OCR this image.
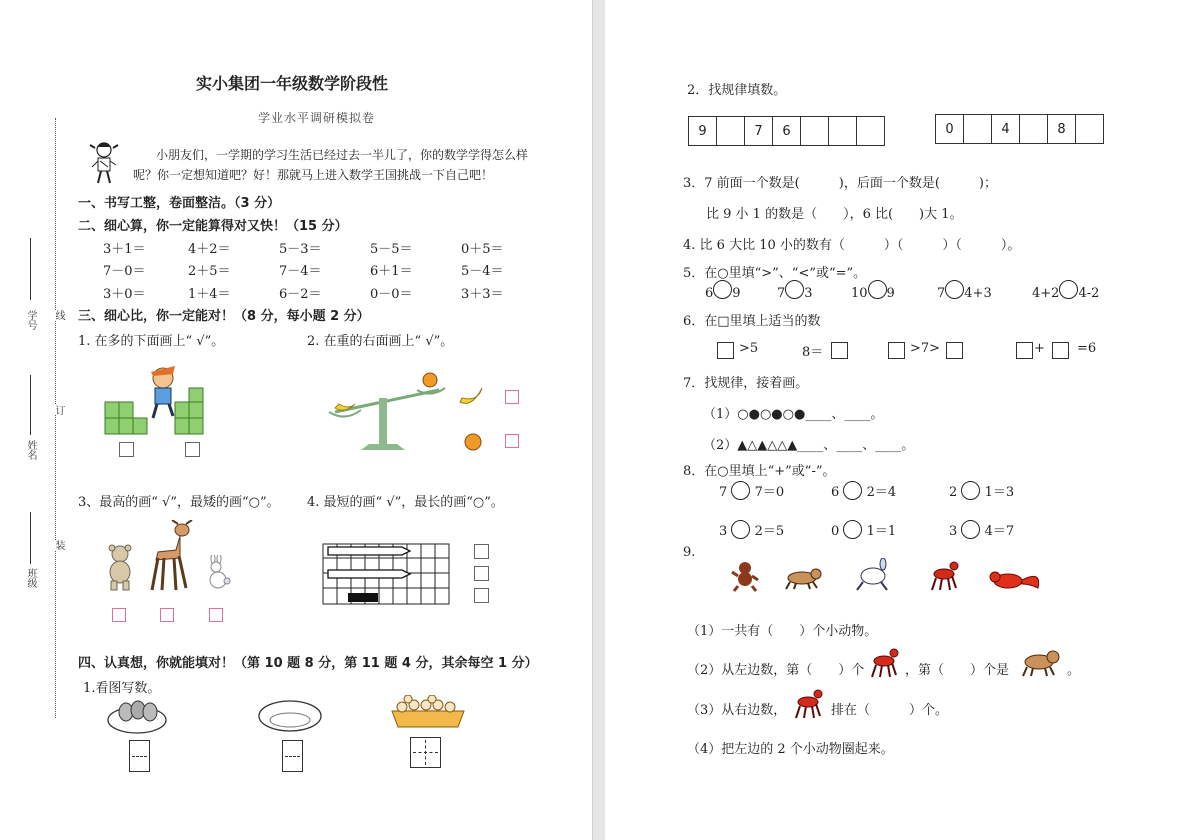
学号 线
姓名
订
班级
装
实小集团一年级数学阶段性
学业水平调研模拟卷
小朋友们，一学期的学习生活已经过去一半儿了，你的数学学得怎么样
呢？你一定想知道吧？好！那就马上进入数学王国挑战一下自己吧！
一、书写工整，卷面整洁。（3 分）
二、细心算，你一定能算得对又快！（15 分）
3＋1＝	4＋2＝	5－3＝	5－5＝	0＋5＝
7－0＝	2＋5＝	7－4＝	6＋1＝	5－4＝
3＋0＝	1＋4＝	6－2＝	0－0＝	3＋3＝
三、细心比，你一定能对！（8 分，每小题 2 分）
1. 在多的下面画上“ √”。	2. 在重的右面画上“ √”。
3、最高的画“ √”，最矮的画“○”。 4. 最短的画“ √”，最长的画“○”。
四、认真想，你就能填对！（第 10 题 8 分，第 11 题 4 分，其余每空 1 分）
1.看图写数。
2．找规律填数。
9	7	6	0	4	8
3．7 前面一个数是(　　　)，后面一个数是(　　　)；
比 9 小 1 的数是（　　），6 比(　　)大 1。
4. 比 6 大比 10 小的数有（　　　）（　　　）（　　　）。
5．在○里填“>”、“<”或“=”。
6 9	7 3	10 9	7 4+3	4+2 4-2
6．在□里填上适当的数
>5	8＝	>7>	+ =6
7．找规律，接着画。
（1）○●○●○●____、____。
（2）▲△▲△△▲____、____、____。
8．在○里填上“+”或“-”。
7 7＝0	6 2＝4	2 1＝3
3 2＝5	0 1＝1	3 4＝7
9.
（1）一共有（　　）个小动物。
（2）从左边数，第（　　）个	，第（　　）个是	。
（3）从右边数，	排在（　　　）个。
（4）把左边的 2 个小动物圈起来。
